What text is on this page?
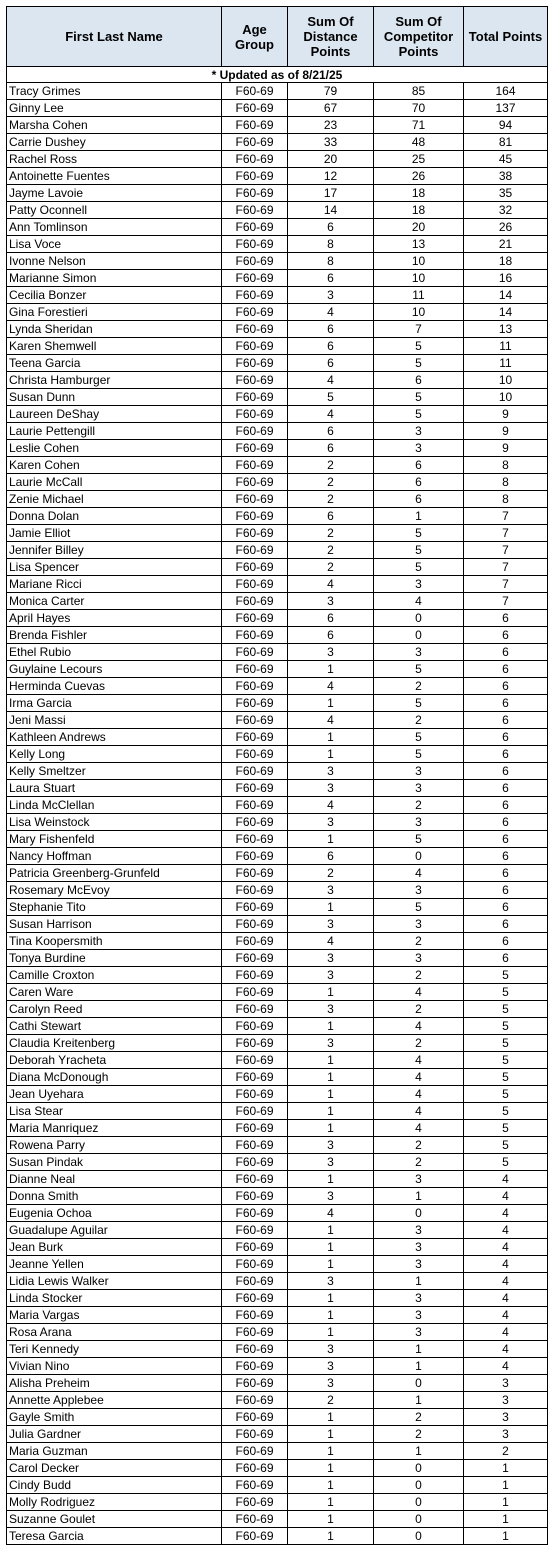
First Last Name	Age Group	Sum Of Distance Points	Sum Of Competitor Points	Total Points
* Updated as of 8/21/25				
Tracy Grimes	F60-69	79	85	164
Ginny Lee	F60-69	67	70	137
Marsha Cohen	F60-69	23	71	94
Carrie Dushey	F60-69	33	48	81
Rachel Ross	F60-69	20	25	45
Antoinette Fuentes	F60-69	12	26	38
Jayme Lavoie	F60-69	17	18	35
Patty Oconnell	F60-69	14	18	32
Ann Tomlinson	F60-69	6	20	26
Lisa Voce	F60-69	8	13	21
Ivonne Nelson	F60-69	8	10	18
Marianne Simon	F60-69	6	10	16
Cecilia Bonzer	F60-69	3	11	14
Gina Forestieri	F60-69	4	10	14
Lynda Sheridan	F60-69	6	7	13
Karen Shemwell	F60-69	6	5	11
Teena Garcia	F60-69	6	5	11
Christa Hamburger	F60-69	4	6	10
Susan Dunn	F60-69	5	5	10
Laureen DeShay	F60-69	4	5	9
Laurie Pettengill	F60-69	6	3	9
Leslie Cohen	F60-69	6	3	9
Karen Cohen	F60-69	2	6	8
Laurie McCall	F60-69	2	6	8
Zenie Michael	F60-69	2	6	8
Donna Dolan	F60-69	6	1	7
Jamie Elliot	F60-69	2	5	7
Jennifer Billey	F60-69	2	5	7
Lisa Spencer	F60-69	2	5	7
Mariane Ricci	F60-69	4	3	7
Monica Carter	F60-69	3	4	7
April Hayes	F60-69	6	0	6
Brenda Fishler	F60-69	6	0	6
Ethel Rubio	F60-69	3	3	6
Guylaine Lecours	F60-69	1	5	6
Herminda Cuevas	F60-69	4	2	6
Irma Garcia	F60-69	1	5	6
Jeni Massi	F60-69	4	2	6
Kathleen Andrews	F60-69	1	5	6
Kelly Long	F60-69	1	5	6
Kelly Smeltzer	F60-69	3	3	6
Laura Stuart	F60-69	3	3	6
Linda McClellan	F60-69	4	2	6
Lisa Weinstock	F60-69	3	3	6
Mary Fishenfeld	F60-69	1	5	6
Nancy Hoffman	F60-69	6	0	6
Patricia Greenberg-Grunfeld	F60-69	2	4	6
Rosemary McEvoy	F60-69	3	3	6
Stephanie Tito	F60-69	1	5	6
Susan Harrison	F60-69	3	3	6
Tina Koopersmith	F60-69	4	2	6
Tonya Burdine	F60-69	3	3	6
Camille Croxton	F60-69	3	2	5
Caren Ware	F60-69	1	4	5
Carolyn Reed	F60-69	3	2	5
Cathi Stewart	F60-69	1	4	5
Claudia Kreitenberg	F60-69	3	2	5
Deborah Yracheta	F60-69	1	4	5
Diana McDonough	F60-69	1	4	5
Jean Uyehara	F60-69	1	4	5
Lisa Stear	F60-69	1	4	5
Maria Manriquez	F60-69	1	4	5
Rowena Parry	F60-69	3	2	5
Susan Pindak	F60-69	3	2	5
Dianne Neal	F60-69	1	3	4
Donna Smith	F60-69	3	1	4
Eugenia Ochoa	F60-69	4	0	4
Guadalupe Aguilar	F60-69	1	3	4
Jean Burk	F60-69	1	3	4
Jeanne Yellen	F60-69	1	3	4
Lidia Lewis Walker	F60-69	3	1	4
Linda Stocker	F60-69	1	3	4
Maria Vargas	F60-69	1	3	4
Rosa Arana	F60-69	1	3	4
Teri Kennedy	F60-69	3	1	4
Vivian Nino	F60-69	3	1	4
Alisha Preheim	F60-69	3	0	3
Annette Applebee	F60-69	2	1	3
Gayle Smith	F60-69	1	2	3
Julia Gardner	F60-69	1	2	3
Maria Guzman	F60-69	1	1	2
Carol Decker	F60-69	1	0	1
Cindy Budd	F60-69	1	0	1
Molly Rodriguez	F60-69	1	0	1
Suzanne Goulet	F60-69	1	0	1
Teresa Garcia	F60-69	1	0	1
